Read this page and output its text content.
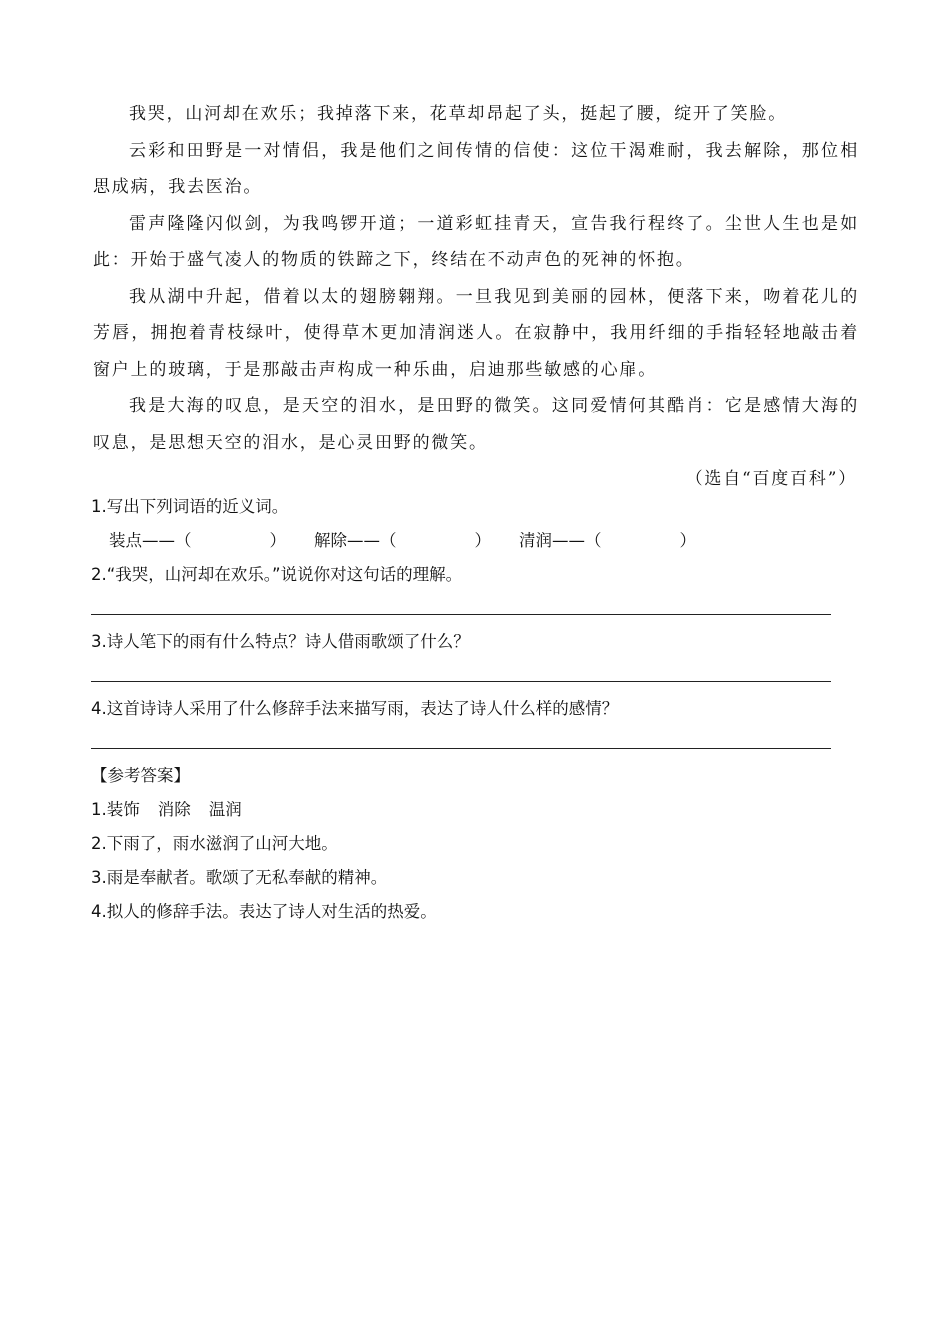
我哭，山河却在欢乐；我掉落下来，花草却昂起了头，挺起了腰，绽开了笑脸。

云彩和田野是一对情侣，我是他们之间传情的信使：这位干渴难耐，我去解除，那位相思成病，我去医治。

雷声隆隆闪似剑，为我鸣锣开道；一道彩虹挂青天，宣告我行程终了。尘世人生也是如此：开始于盛气凌人的物质的铁蹄之下，终结在不动声色的死神的怀抱。

我从湖中升起，借着以太的翅膀翱翔。一旦我见到美丽的园林，便落下来，吻着花儿的芳唇，拥抱着青枝绿叶，使得草木更加清润迷人。在寂静中，我用纤细的手指轻轻地敲击着窗户上的玻璃，于是那敲击声构成一种乐曲，启迪那些敏感的心扉。

我是大海的叹息，是天空的泪水，是田野的微笑。这同爱情何其酷肖：它是感情大海的叹息，是思想天空的泪水，是心灵田野的微笑。

（选自“百度百科”）
1.写出下列词语的近义词。
装点——（	） 解除——（	） 清润——（	）
2.“我哭，山河却在欢乐。”说说你对这句话的理解。
3.诗人笔下的雨有什么特点？诗人借雨歌颂了什么？
4.这首诗诗人采用了什么修辞手法来描写雨，表达了诗人什么样的感情？
【参考答案】
1.装饰 消除 温润
2.下雨了，雨水滋润了山河大地。
3.雨是奉献者。歌颂了无私奉献的精神。
4.拟人的修辞手法。表达了诗人对生活的热爱。
